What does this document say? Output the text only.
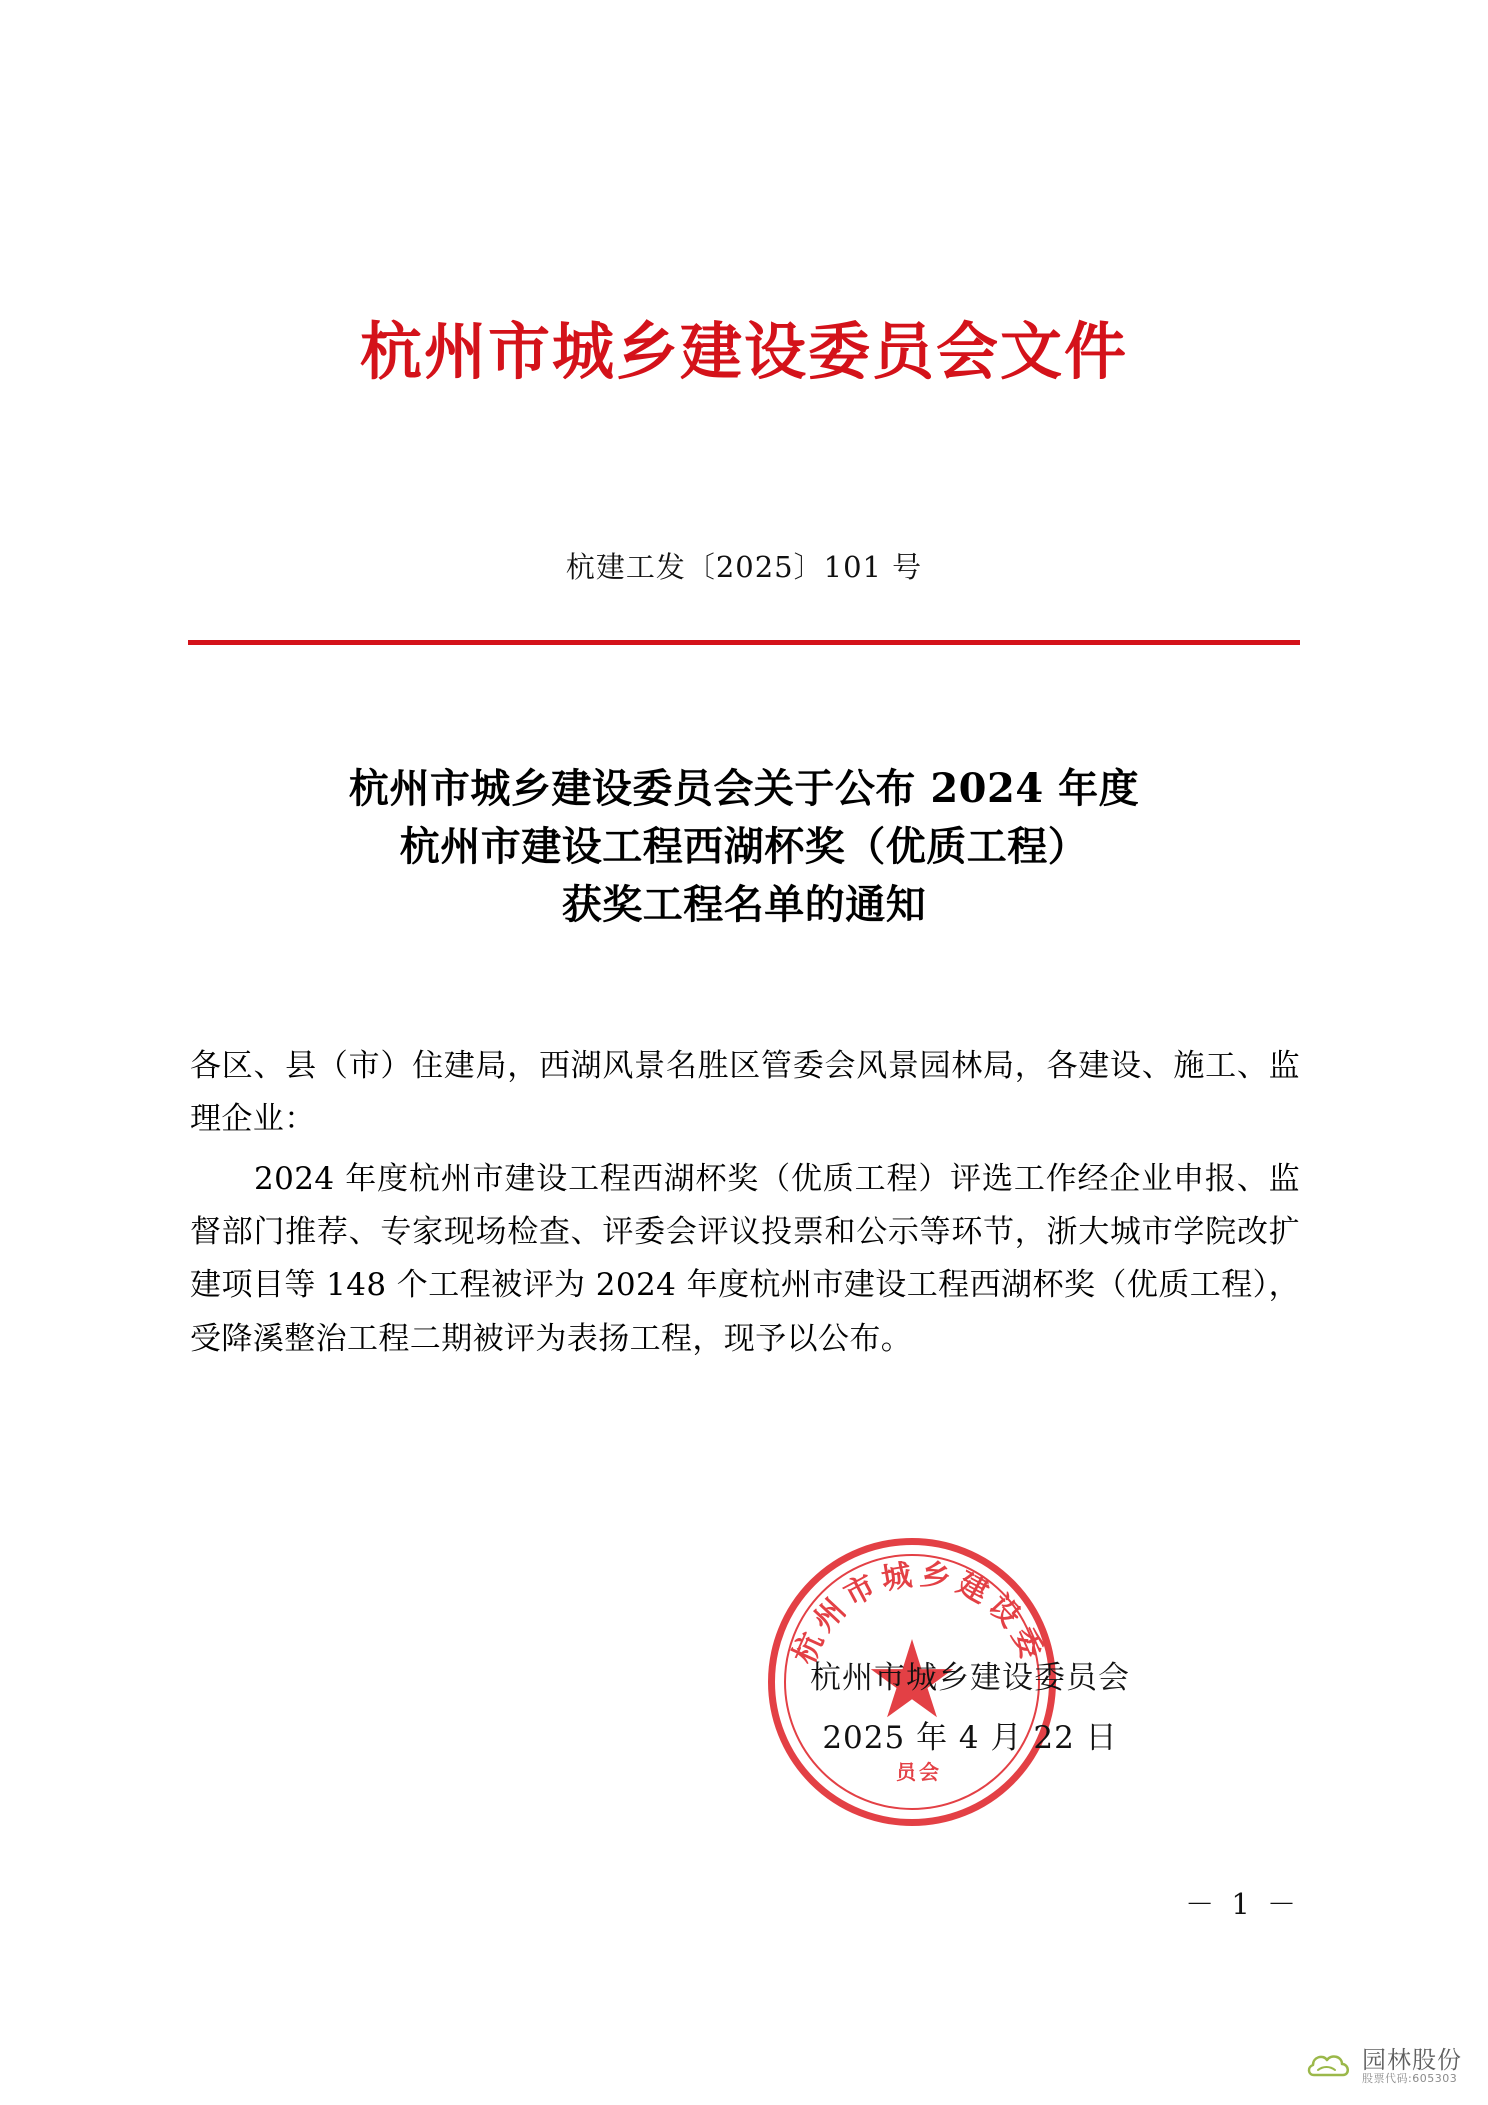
杭州市城乡建设委员会文件
杭建工发〔2025〕101 号
杭州市城乡建设委员会关于公布 2024 年度
杭州市建设工程西湖杯奖（优质工程）
获奖工程名单的通知

各区、县（市）住建局，西湖风景名胜区管委会风景园林局，各建设、施工、监理企业：

2024 年度杭州市建设工程西湖杯奖（优质工程）评选工作经企业申报、监督部门推荐、专家现场检查、评委会评议投票和公示等环节，浙大城市学院改扩建项目等 148 个工程被评为 2024 年度杭州市建设工程西湖杯奖（优质工程），受降溪整治工程二期被评为表扬工程，现予以公布。

杭州市城乡建设委
员会
杭州市城乡建设委员会
2025 年 4 月 22 日
－ 1 －
园林股份
股票代码:605303
